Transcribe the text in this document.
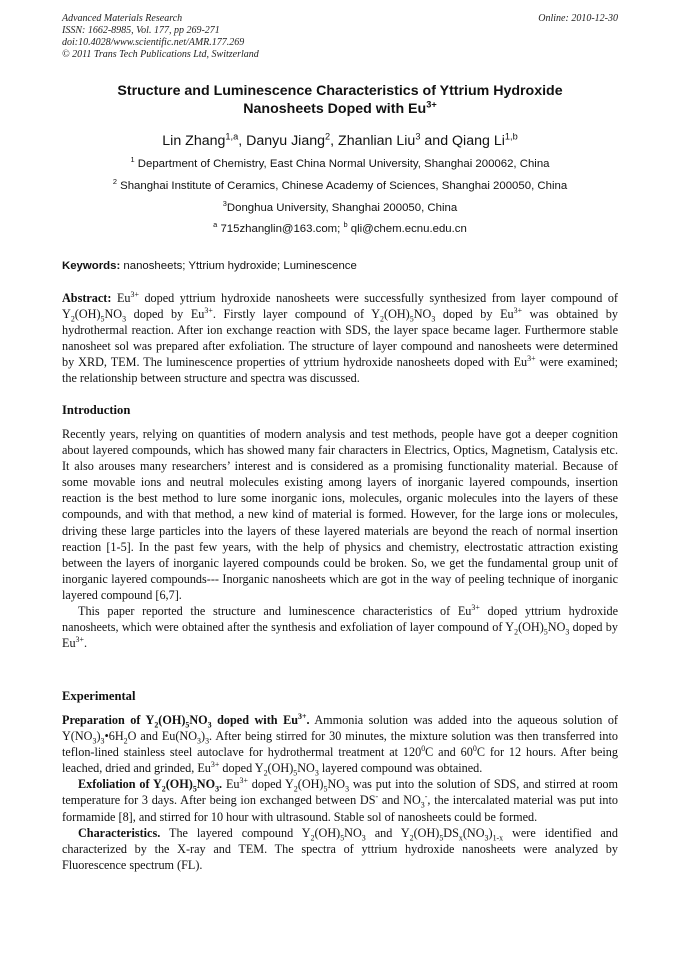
Advanced Materials Research
ISSN: 1662-8985, Vol. 177, pp 269-271
doi:10.4028/www.scientific.net/AMR.177.269
© 2011 Trans Tech Publications Ltd, Switzerland
Online: 2010-12-30
Structure and Luminescence Characteristics of Yttrium Hydroxide
Nanosheets Doped with $Eu^{3+}$
Lin Zhang$^{1,a}$, Danyu Jiang$^2$, Zhanlian Liu$^3$ and Qiang Li$^{1,b}$
$^1$ Department of Chemistry, East China Normal University, Shanghai 200062, China
$^2$ Shanghai Institute of Ceramics, Chinese Academy of Sciences, Shanghai 200050, China
$^3$Donghua University, Shanghai 200050, China
$^a$ 715zhanglin@163.com; $^b$ qli@chem.ecnu.edu.cn
Keywords: nanosheets; Yttrium hydroxide; Luminescence

Abstract: $Eu^{3+}$ doped yttrium hydroxide nanosheets were successfully synthesized from layer compound of $Y_2(OH)_5NO_3$ doped by $Eu^{3+}$. Firstly layer compound of $Y_2(OH)_5NO_3$ doped by $Eu^{3+}$ was obtained by hydrothermal reaction. After ion exchange reaction with SDS, the layer space became lager. Furthermore stable nanosheet sol was prepared after exfoliation. The structure of layer compound and nanosheets were determined by XRD, TEM. The luminescence properties of yttrium hydroxide nanosheets doped with $Eu^{3+}$ were examined; the relationship between structure and spectra was discussed.

Introduction

Recently years, relying on quantities of modern analysis and test methods, people have got a deeper cognition about layered compounds, which has showed many fair characters in Electrics, Optics, Magnetism, Catalysis etc. It also arouses many researchers’ interest and is considered as a promising functionality material. Because of some movable ions and neutral molecules existing among layers of inorganic layered compounds, insertion reaction is the best method to lure some inorganic ions, molecules, organic molecules into the layers of these compounds, and with that method, a new kind of material is formed. However, for the large ions or molecules, driving these large particles into the layers of these layered materials are beyond the reach of normal insertion reaction [1-5]. In the past few years, with the help of physics and chemistry, electrostatic attraction existing between the layers of inorganic layered compounds could be broken. So, we get the fundamental group unit of inorganic layered compounds--- Inorganic nanosheets which are got in the way of peeling technique of inorganic layered compound [6,7].

This paper reported the structure and luminescence characteristics of $Eu^{3+}$ doped yttrium hydroxide nanosheets, which were obtained after the synthesis and exfoliation of layer compound of $Y_2(OH)_5NO_3$ doped by $Eu^{3+}$.

Experimental

Preparation of $Y_2(OH)_5NO_3$ doped with $Eu^{3+}$. Ammonia solution was added into the aqueous solution of $Y(NO_3)_3•6H_2O$ and $Eu(NO_3)_3$. After being stirred for 30 minutes, the mixture solution was then transferred into teflon-lined stainless steel autoclave for hydrothermal treatment at $120^0C$ and $60^0C$ for 12 hours. After being leached, dried and grinded, $Eu^{3+}$ doped $Y_2(OH)_5NO_3$ layered compound was obtained.

Exfoliation of $Y_2(OH)_5NO_3$. $Eu^{3+}$ doped $Y_2(OH)_5NO_3$ was put into the solution of SDS, and stirred at room temperature for 3 days. After being ion exchanged between DS- and $NO_3^-$, the intercalated material was put into formamide [8], and stirred for 10 hour with ultrasound. Stable sol of nanosheets could be formed.

Characteristics. The layered compound $Y_2(OH)_5NO_3$ and $Y_2(OH)_5DS_x(NO_3)_{1-x}$ were identified and characterized by the X-ray and TEM. The spectra of yttrium hydroxide nanosheets were analyzed by Fluorescence spectrum (FL).
